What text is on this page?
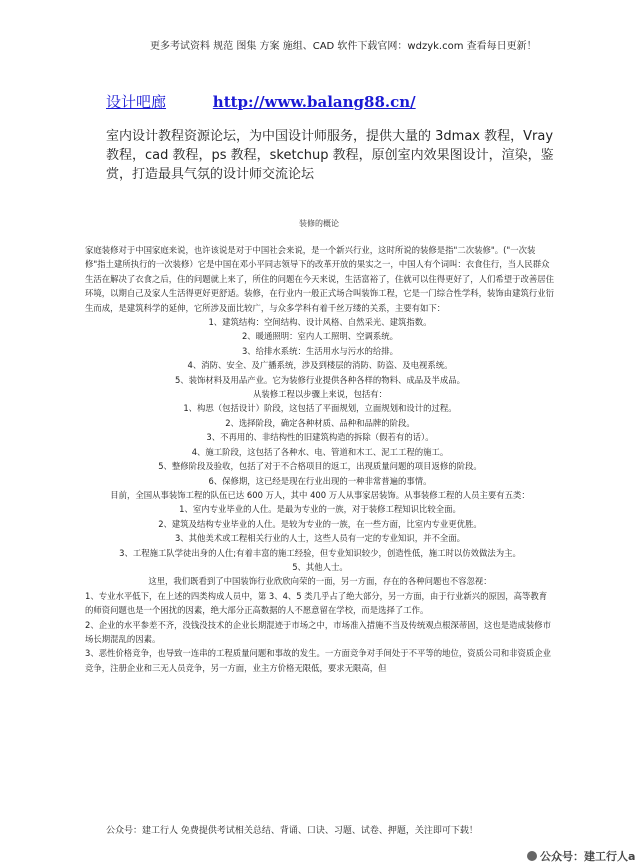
更多考试资料 规范 图集 方案 施组、CAD 软件下载官网：wdzyk.com 查看每日更新！
设计吧廊	http://www.balang88.cn/
室内设计教程资源论坛，为中国设计师服务，提供大量的 3dmax 教程，Vray 教程，cad 教程，ps 教程，sketchup 教程，原创室内效果图设计，渲染，鉴赏，打造最具气氛的设计师交流论坛
装修的概论

家庭装修对于中国家庭来说，也许该说是对于中国社会来说，是一个新兴行业，这时所说的装修是指"二次装修"。("一次装修"指土建所执行的一次装修）它是中国在邓小平同志领导下的改革开放的果实之一，中国人有个词叫：衣食住行，当人民群众生活在解决了衣食之后，住的问题就上来了，所住的问题在今天来说，生活富裕了，住就可以住得更好了，人们希望于改善居住环境，以期自己及家人生活得更好更舒适。装修，在行业内一般正式场合叫装饰工程，它是一门综合性学科，装饰由建筑行业衍生而成，是建筑科学的延伸，它所涉及面比较广，与众多学科有着千丝万缕的关系，主要有如下：

1、建筑结构：空间结构、设计风格、自然采光、建筑指数。

2、暖通照明：室内人工照明、空调系统。

3、给排水系统：生活用水与污水的给排。

4、消防、安全、及广播系统，涉及到楼层的消防、防盗、及电视系统。

5、装饰材料及用品产业。它为装修行业提供各种各样的物料、成品及半成品。

从装修工程以步骤上来说，包括有：

1、构思（包括设计）阶段，这包括了平面规划，立面规划和设计的过程。

2、选择阶段，确定各种材质、品种和品牌的阶段。

3、不再用的、非结构性的旧建筑构造的拆除（假若有的话）。

4、施工阶段，这包括了各种水、电、管道和木工、泥工工程的施工。

5、整修阶段及验收，包括了对于不合格项目的返工，出现质量问题的项目返修的阶段。

6、保修期，这已经是现在行业出现的一种非常普遍的事情。

目前，全国从事装饰工程的队伍已达 600 万人，其中 400 万人从事家居装饰。从事装修工程的人员主要有五类：

1、室内专业毕业的人仕。是最为专业的一族，对于装修工程知识比较全面。

2、建筑及结构专业毕业的人仕。是较为专业的一族，在一些方面，比室内专业更优胜。

3、其他美术或工程相关行业的人士，这些人员有一定的专业知识，并不全面。

3、工程施工队学徒出身的人仕;有着丰富的施工经验，但专业知识较少，创造性低，施工时以仿效做法为主。

5、其他人士。

这里，我们既看到了中国装饰行业欣欣向荣的一面，另一方面，存在的各种问题也不容忽视：

1、专业水平低下，在上述的四类构成人员中，第 3、4、5 类几乎占了绝大部分，另一方面，由于行业新兴的原因，高等教育的师资问题也是一个困扰的因素，绝大部分正高数据的人不愿意留在学校，而是选择了工作。

2、企业的水平参差不齐，没钱没技术的企业长期混迹于市场之中，市场准入措施不当及传统观点根深蒂固，这也是造成装修市场长期混乱的因素。

3、恶性价格竞争，也导致一连串的工程质量问题和事故的发生。一方面竞争对手间处于不平等的地位，资质公司和非资质企业竞争，注册企业和三无人员竞争，另一方面，业主方价格无限低，要求无限高，但

公众号：建工行人 免费提供考试相关总结、背诵、口诀、习题、试卷、押题，关注即可下载！
公众号：建工行人a
